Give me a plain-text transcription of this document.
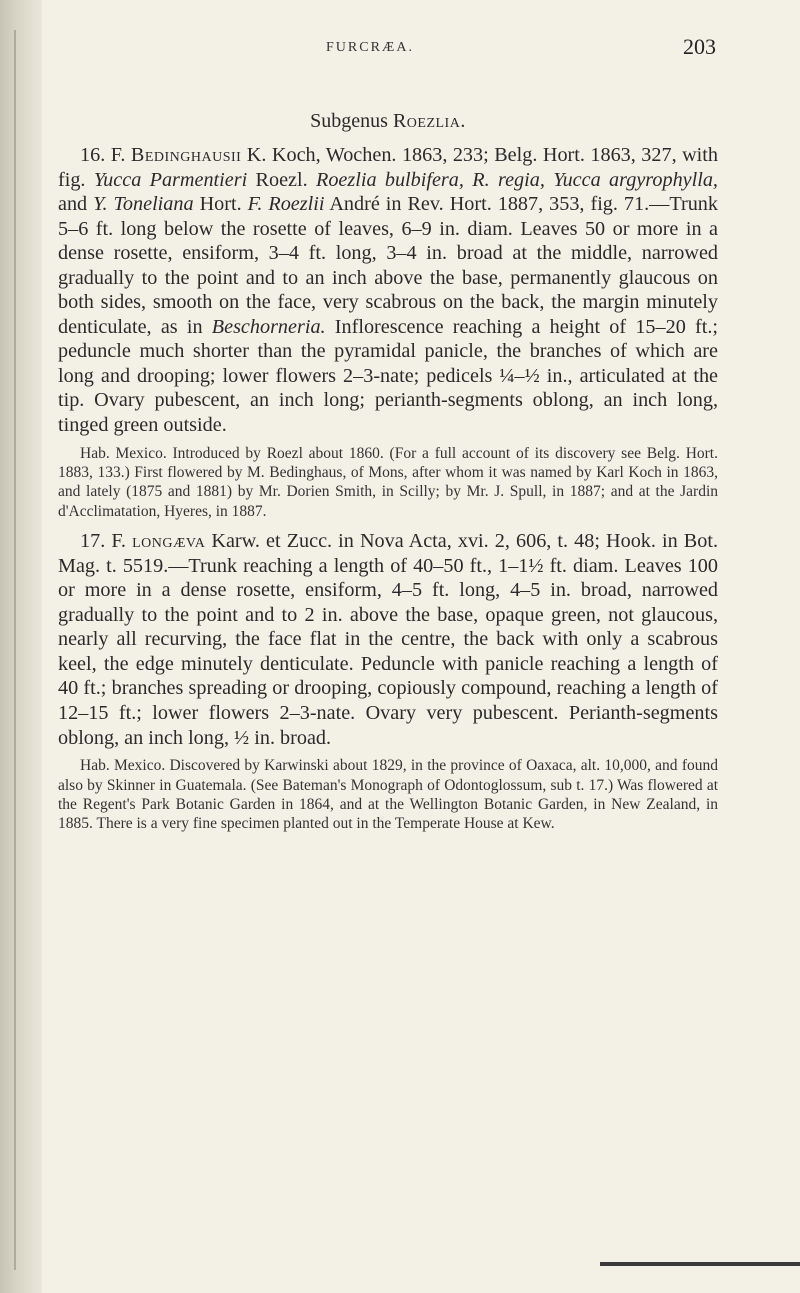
FURCRÆA.	203

Subgenus Roezlia.

16. F. Bedinghausii K. Koch, Wochen. 1863, 233; Belg. Hort. 1863, 327, with fig. Yucca Parmentieri Roezl. Roezlia bulbifera, R. regia, Yucca argyrophylla, and Y. Toneliana Hort. F. Roezlii André in Rev. Hort. 1887, 353, fig. 71.—Trunk 5–6 ft. long below the rosette of leaves, 6–9 in. diam. Leaves 50 or more in a dense rosette, ensiform, 3–4 ft. long, 3–4 in. broad at the middle, narrowed gradually to the point and to an inch above the base, permanently glaucous on both sides, smooth on the face, very scabrous on the back, the margin minutely denticulate, as in Beschorneria. Inflorescence reaching a height of 15–20 ft.; peduncle much shorter than the pyramidal panicle, the branches of which are long and drooping; lower flowers 2–3-nate; pedicels ¼–½ in., articulated at the tip. Ovary pubescent, an inch long; perianth-segments oblong, an inch long, tinged green outside.

Hab. Mexico. Introduced by Roezl about 1860. (For a full account of its discovery see Belg. Hort. 1883, 133.) First flowered by M. Bedinghaus, of Mons, after whom it was named by Karl Koch in 1863, and lately (1875 and 1881) by Mr. Dorien Smith, in Scilly; by Mr. J. Spull, in 1887; and at the Jardin d'Acclimatation, Hyeres, in 1887.

17. F. longæva Karw. et Zucc. in Nova Acta, xvi. 2, 606, t. 48; Hook. in Bot. Mag. t. 5519.—Trunk reaching a length of 40–50 ft., 1–1½ ft. diam. Leaves 100 or more in a dense rosette, ensiform, 4–5 ft. long, 4–5 in. broad, narrowed gradually to the point and to 2 in. above the base, opaque green, not glaucous, nearly all recurving, the face flat in the centre, the back with only a scabrous keel, the edge minutely denticulate. Peduncle with panicle reaching a length of 40 ft.; branches spreading or drooping, copiously compound, reaching a length of 12–15 ft.; lower flowers 2–3-nate. Ovary very pubescent. Perianth-segments oblong, an inch long, ½ in. broad.

Hab. Mexico. Discovered by Karwinski about 1829, in the province of Oaxaca, alt. 10,000, and found also by Skinner in Guatemala. (See Bateman's Monograph of Odontoglossum, sub t. 17.) Was flowered at the Regent's Park Botanic Garden in 1864, and at the Wellington Botanic Garden, in New Zealand, in 1885. There is a very fine specimen planted out in the Temperate House at Kew.
